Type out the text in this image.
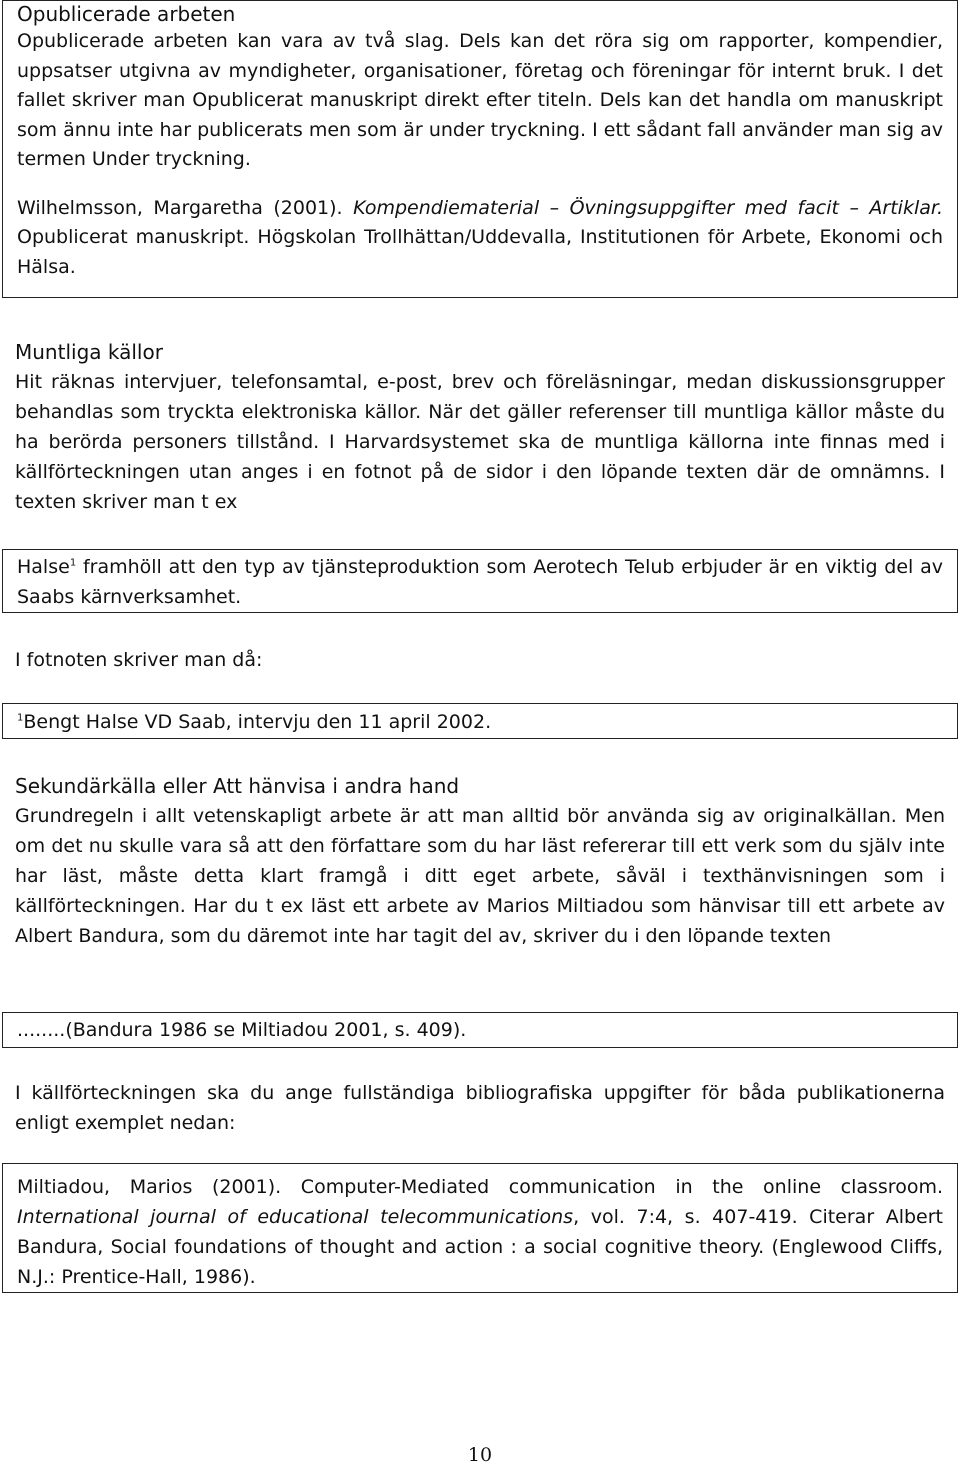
Opublicerade arbeten

Opublicerade arbeten kan vara av två slag. Dels kan det röra sig om rapporter, kompendier, uppsatser utgivna av myndigheter, organisationer, företag och föreningar för internt bruk. I det fallet skriver man Opublicerat manuskript direkt efter titeln. Dels kan det handla om manuskript som ännu inte har publicerats men som är under tryckning. I ett sådant fall använder man sig av termen Under tryckning.

Wilhelmsson, Margaretha (2001). Kompendiematerial – Övningsuppgifter med facit – Artiklar. Opublicerat manuskript. Högskolan Trollhättan/Uddevalla, Institutionen för Arbete, Ekonomi och Hälsa.

Muntliga källor

Hit räknas intervjuer, telefonsamtal, e-post, brev och föreläsningar, medan diskussionsgrupper behandlas som tryckta elektroniska källor. När det gäller referenser till muntliga källor måste du ha berörda personers tillstånd. I Harvardsystemet ska de muntliga källorna inte finnas med i källförteckningen utan anges i en fotnot på de sidor i den löpande texten där de omnämns. I texten skriver man t ex

Halse$^1$ framhöll att den typ av tjänsteproduktion som Aerotech Telub erbjuder är en viktig del av Saabs kärnverksamhet.

I fotnoten skriver man då:

$^1$Bengt Halse VD Saab, intervju den 11 april 2002.

Sekundärkälla eller Att hänvisa i andra hand

Grundregeln i allt vetenskapligt arbete är att man alltid bör använda sig av originalkällan. Men om det nu skulle vara så att den författare som du har läst refererar till ett verk som du själv inte har läst, måste detta klart framgå i ditt eget arbete, såväl i texthänvisningen som i källförteckningen. Har du t ex läst ett arbete av Marios Miltiadou som hänvisar till ett arbete av Albert Bandura, som du däremot inte har tagit del av, skriver du i den löpande texten

........(Bandura 1986 se Miltiadou 2001, s. 409).

I källförteckningen ska du ange fullständiga bibliografiska uppgifter för båda publikationerna enligt exemplet nedan:

Miltiadou, Marios (2001). Computer-Mediated communication in the online classroom. International journal of educational telecommunications, vol. 7:4, s. 407-419. Citerar Albert Bandura, Social foundations of thought and action : a social cognitive theory. (Englewood Cliffs, N.J.: Prentice-Hall, 1986).

10
